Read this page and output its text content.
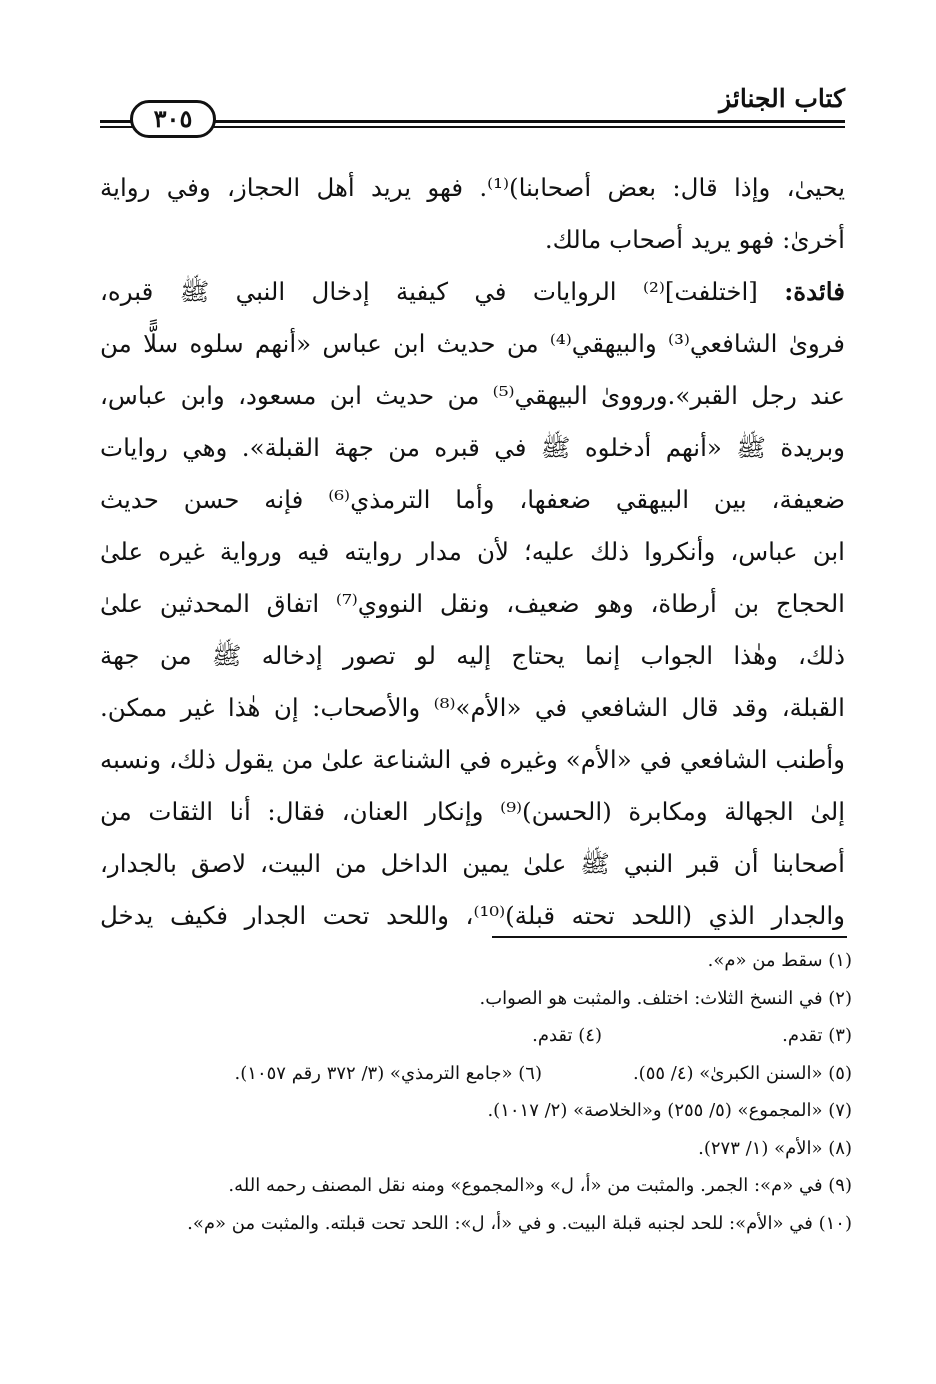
كتاب الجنائز
٣٠٥
يحيىٰ، وإذا قال: بعض أصحابنا)⁽¹⁾. فهو يريد أهل الحجاز، وفي رواية
أخرىٰ: فهو يريد أصحاب مالك.
فائدة: [اختلفت]⁽²⁾ الروايات في كيفية إدخال النبي ﷺ قبره،
فروىٰ الشافعي⁽³⁾ والبيهقي⁽⁴⁾ من حديث ابن عباس «أنهم سلوه سلًّا من
عند رجل القبر».ورووىٰ البيهقي⁽⁵⁾ من حديث ابن مسعود، وابن عباس،
وبريدة ﷺ «أنهم أدخلوه ﷺ في قبره من جهة القبلة». وهي روايات
ضعيفة، بين البيهقي ضعفها، وأما الترمذي⁽⁶⁾ فإنه حسن حديث
ابن عباس، وأنكروا ذلك عليه؛ لأن مدار روايته فيه ورواية غيره علىٰ
الحجاج بن أرطاة، وهو ضعيف، ونقل النووي⁽⁷⁾ اتفاق المحدثين علىٰ
ذلك، وهٰذا الجواب إنما يحتاج إليه لو تصور إدخاله ﷺ من جهة
القبلة، وقد قال الشافعي في «الأم»⁽⁸⁾ والأصحاب: إن هٰذا غير ممكن.
وأطنب الشافعي في «الأم» وغيره في الشناعة علىٰ من يقول ذلك، ونسبه
إلىٰ الجهالة ومكابرة (الحسن)⁽⁹⁾ وإنكار العنان، فقال: أنا الثقات من
أصحابنا أن قبر النبي ﷺ علىٰ يمين الداخل من البيت، لاصق بالجدار،
والجدار الذي (اللحد تحته قبلة)⁽¹⁰⁾، واللحد تحت الجدار فكيف يدخل
(١) سقط من «م».
(٢) في النسخ الثلاث: اختلف. والمثبت هو الصواب.
(٣) تقدم.
(٤) تقدم.
(٥) «السنن الكبرىٰ» (٤/ ٥٥).
(٦) «جامع الترمذي» (٣/ ٣٧٢ رقم ١٠٥٧).
(٧) «المجموع» (٥/ ٢٥٥) و«الخلاصة» (٢/ ١٠١٧).
(٨) «الأم» (١/ ٢٧٣).
(٩) في «م»: الجمر. والمثبت من «أ، ل» و«المجموع» ومنه نقل المصنف رحمه الله.
(١٠) في «الأم»: للحد لجنبه قبلة البيت. و في «أ، ل»: اللحد تحت قبلته. والمثبت من «م».
